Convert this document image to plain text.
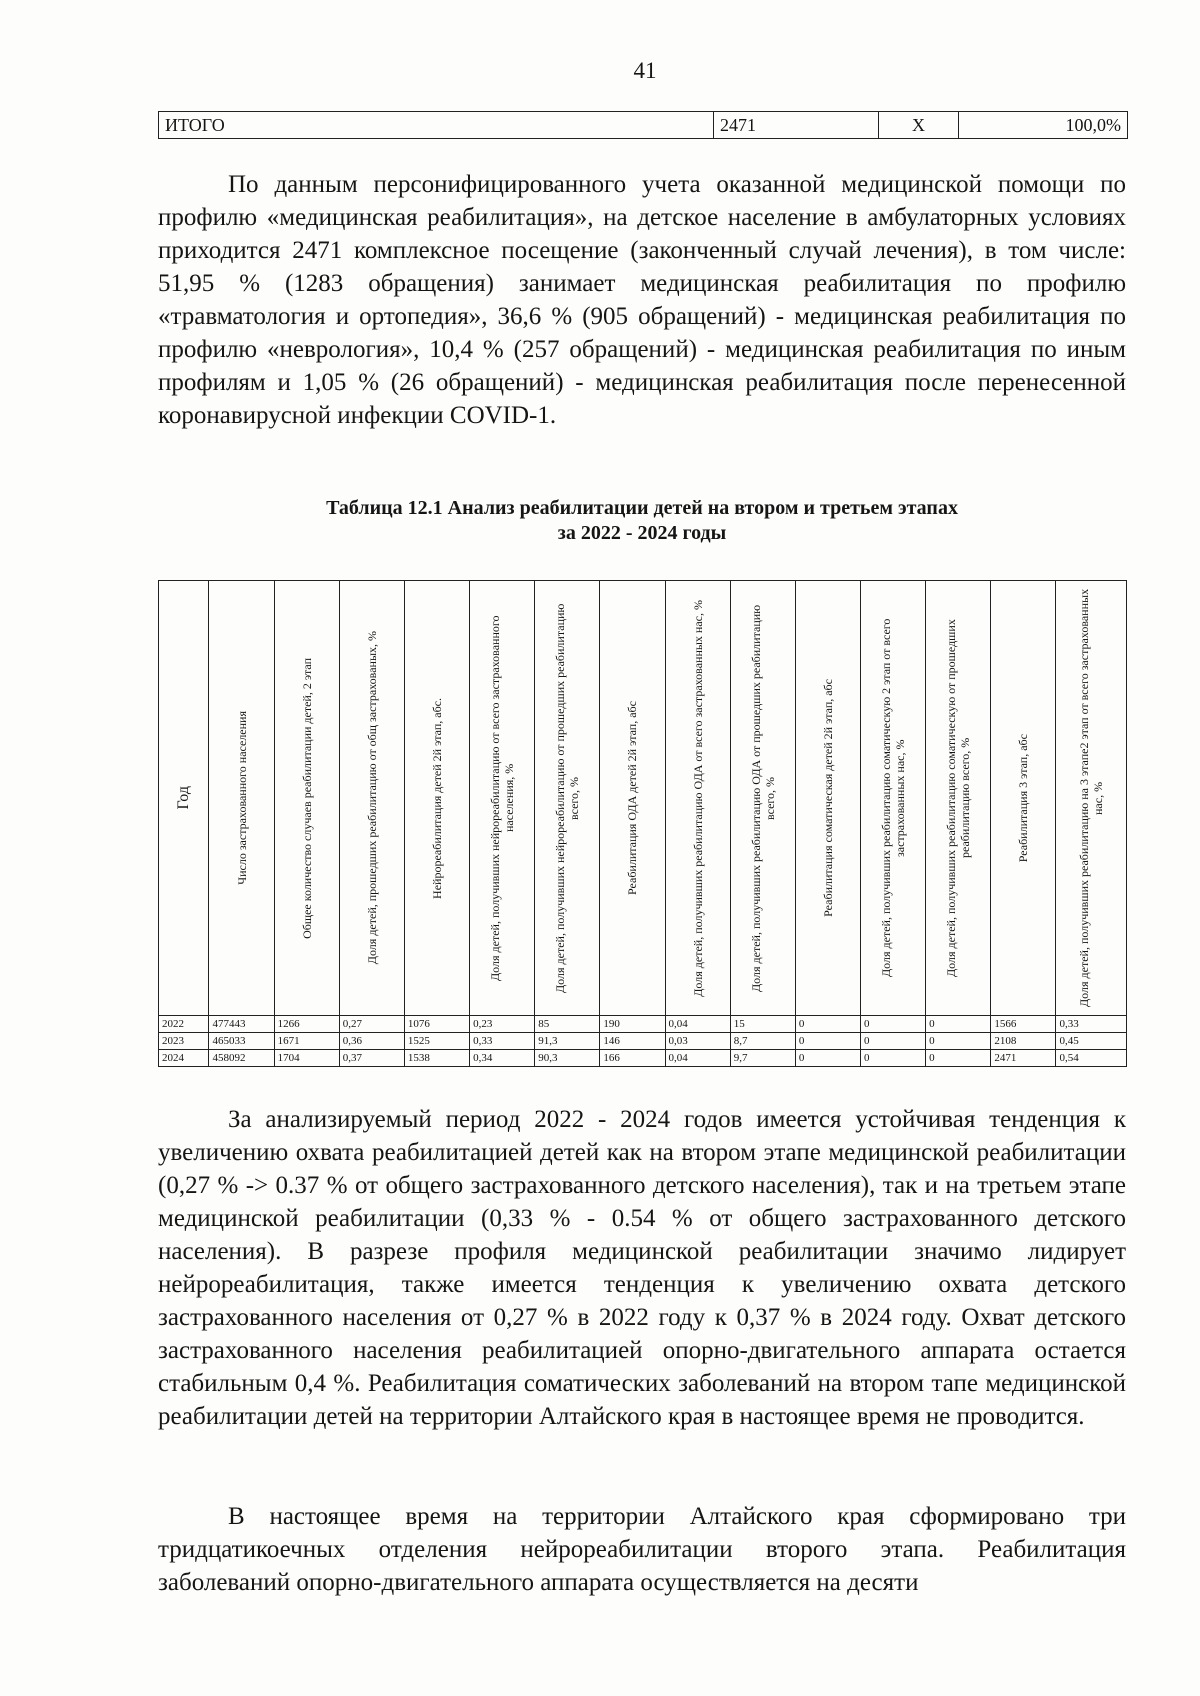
41
ИТОГО	2471	Х	100,0%

По данным персонифицированного учета оказанной медицинской помощи по профилю «медицинская реабилитация», на детское население в амбулаторных условиях приходится 2471 комплексное посещение (законченный случай лечения), в том числе: 51,95 % (1283 обращения) занимает медицинская реабилитация по профилю «травматология и ортопедия», 36,6 % (905 обращений) - медицинская реабилитация по профилю «неврология», 10,4 % (257 обращений) - медицинская реабилитация по иным профилям и 1,05 % (26 обращений) - медицинская реабилитация после перенесенной коронавирусной инфекции COVID-1.

Таблица 12.1 Анализ реабилитации детей на втором и третьем этапах
за 2022 - 2024 годы
Год	Число застрахованного населения	Общее количество случаев реабилитации детей, 2 этап	Доля детей, прошедших реабилитацию от общ застрахованых, %	Нейрореабилитация детей 2й этап, абс.	Доля детей, получивших нейрореабилитацию от всего застрахованного населения, %	Доля детей, получивших нейрореабилитацию от прошедших реабилитацию всего, %	Реабилитация ОДА детей 2й этап, абс	Доля детей, получивших реабилитацию ОДА от всего застрахованных нас, %	Доля детей, получивших реабилитацию ОДА от прошедших реабилитацию всего, %	Реабилитация соматическая детей 2й этап, абс	Доля детей, получивших реабилитацию соматическую 2 этап от всего застрахованных нас, %	Доля детей, получивших реабилитацию соматическую от прошедших реабилитацию всего, %	Реабилитация 3 этап, абс	Доля детей, получивших реабилитацию на 3 этапе2 этап от всего застрахованных нас, %

2022	477443	1266	0,27	1076	0,23	85	190	0,04	15	0	0	0	1566	0,33
2023	465033	1671	0,36	1525	0,33	91,3	146	0,03	8,7	0	0	0	2108	0,45
2024	458092	1704	0,37	1538	0,34	90,3	166	0,04	9,7	0	0	0	2471	0,54

За анализируемый период 2022 - 2024 годов имеется устойчивая тенденция к увеличению охвата реабилитацией детей как на втором этапе медицинской реабилитации (0,27 % -> 0.37 % от общего застрахованного детского населения), так и на третьем этапе медицинской реабилитации (0,33 % - 0.54 % от общего застрахованного детского населения). В разрезе профиля медицинской реабилитации значимо лидирует нейрореабилитация, также имеется тенденция к увеличению охвата детского застрахованного населения от 0,27 % в 2022 году к 0,37 % в 2024 году. Охват детского застрахованного населения реабилитацией опорно-двигательного аппарата остается стабильным 0,4 %. Реабилитация соматических заболеваний на втором тапе медицинской реабилитации детей на территории Алтайского края в настоящее время не проводится.

В настоящее время на территории Алтайского края сформировано три тридцатикоечных отделения нейрореабилитации второго этапа. Реабилитация заболеваний опорно-двигательного аппарата осуществляется на десяти
